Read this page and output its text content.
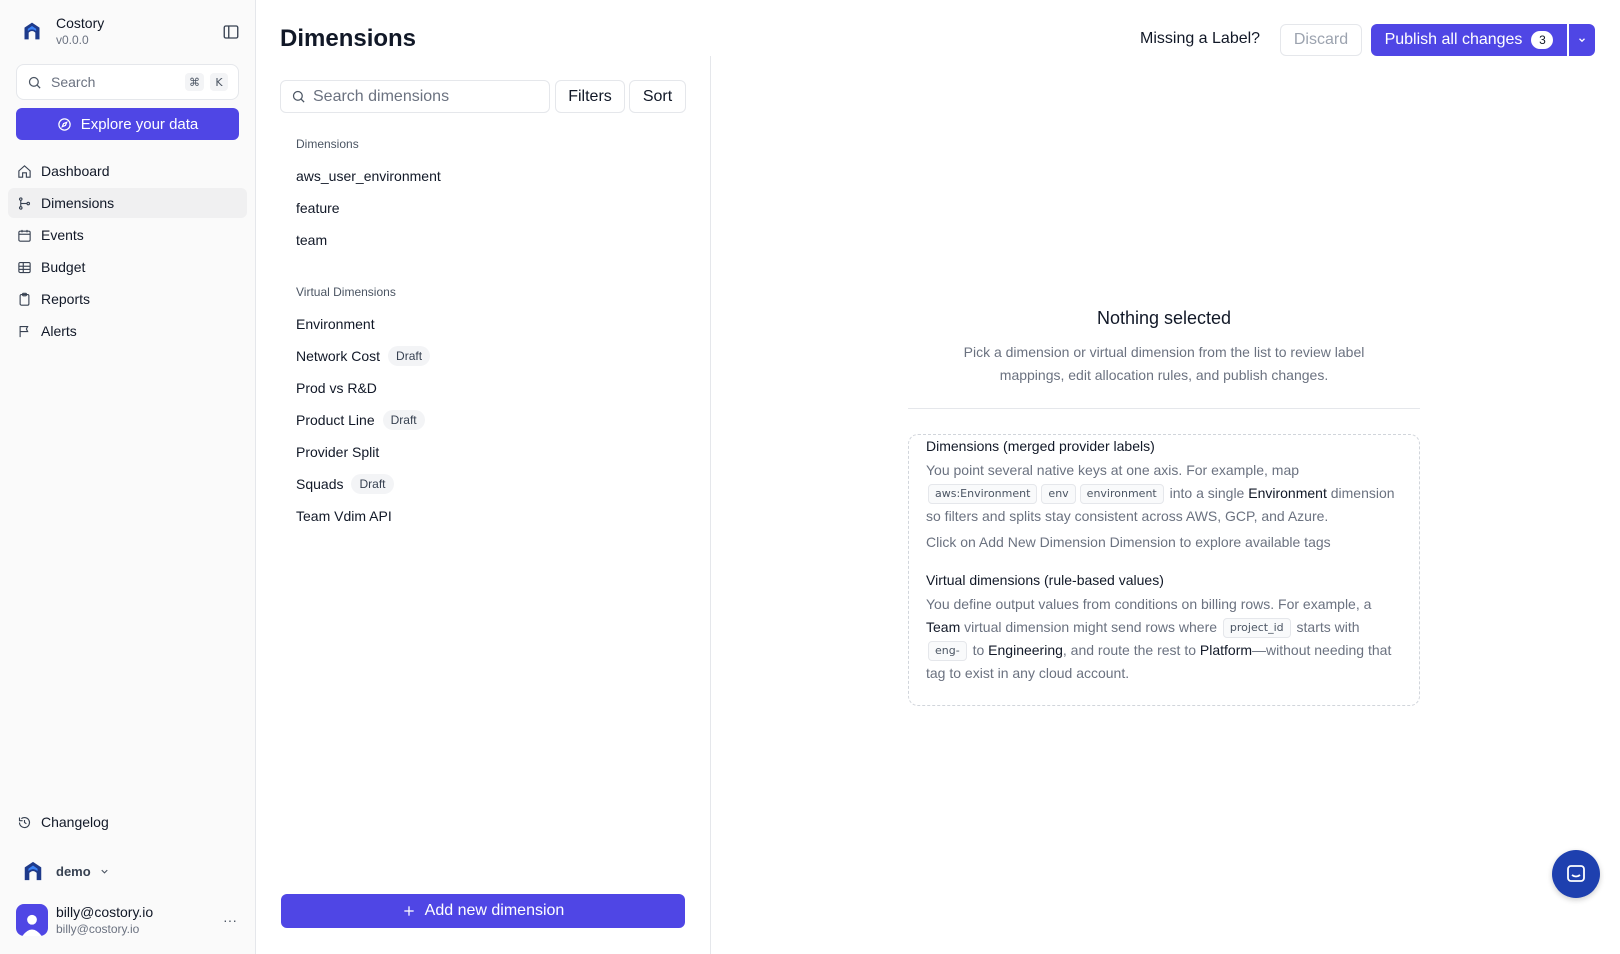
Costory
v0.0.0
Search	⌘	K
Explore your data
Dashboard
Dimensions
Events
Budget
Reports
Alerts
Changelog
demo
billy@costory.io
billy@costory.io
···
Dimensions	Missing a Label?	Discard	Publish all changes	3
Search dimensions	Filters	Sort
Dimensions
aws_user_environment
feature
team
Virtual Dimensions
Environment
Network Cost	Draft
Prod vs R&D
Product Line	Draft
Provider Split
Squads	Draft
Team Vdim API
Add new dimension
Nothing selected
Pick a dimension or virtual dimension from the list to review label mappings, edit allocation rules, and publish changes.
Dimensions (merged provider labels)
You point several native keys at one axis. For example, map aws:Environment env environment into a single Environment dimension so filters and splits stay consistent across AWS, GCP, and Azure.
Click on Add New Dimension Dimension to explore available tags
Virtual dimensions (rule-based values)
You define output values from conditions on billing rows. For example, a Team virtual dimension might send rows where project_id starts with eng- to Engineering, and route the rest to Platform—without needing that tag to exist in any cloud account.
